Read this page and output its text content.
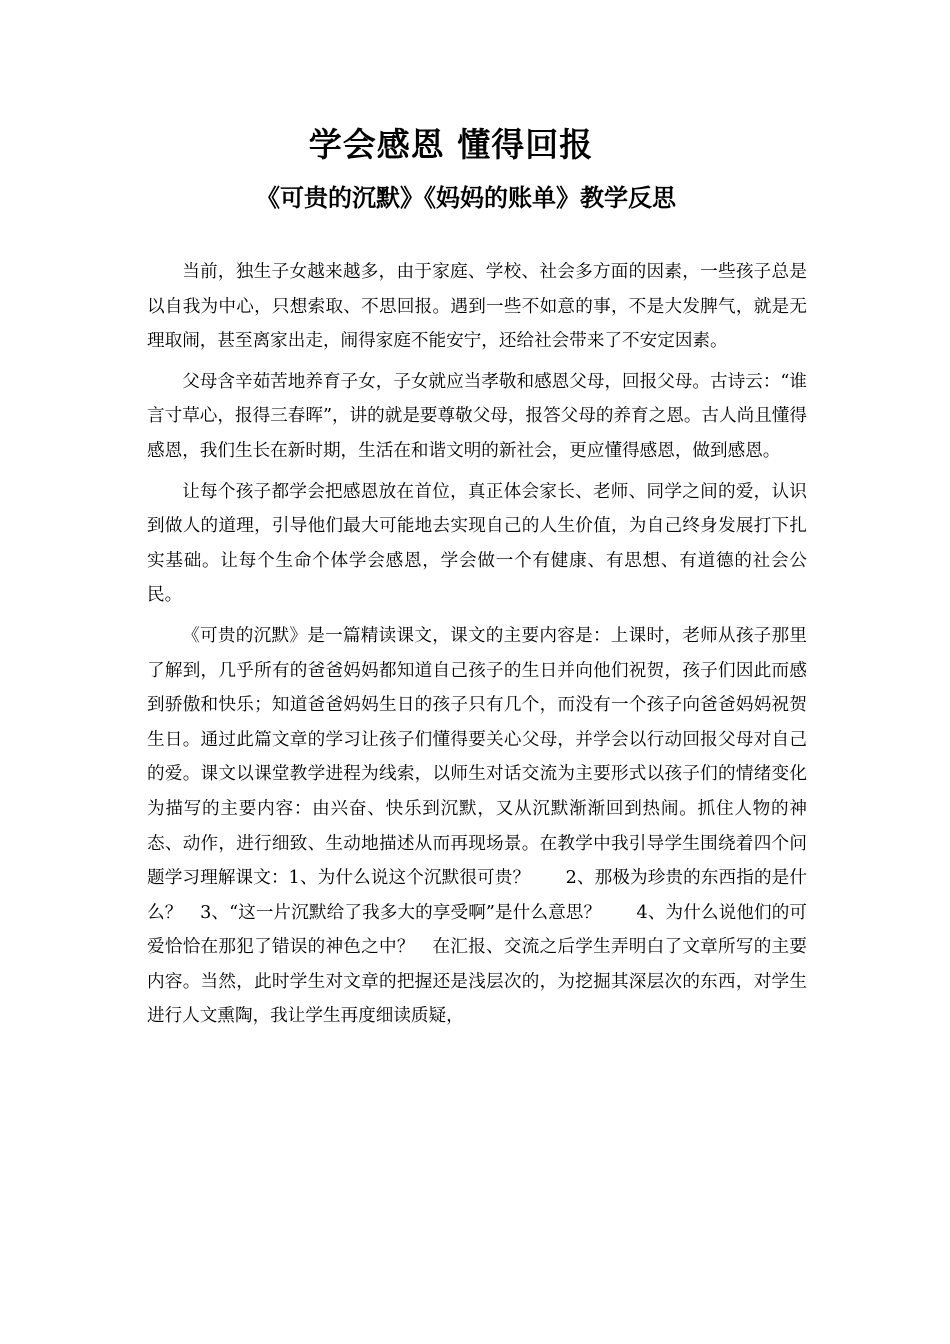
学会感恩 懂得回报
《可贵的沉默》《妈妈的账单》教学反思

当前，独生子女越来越多，由于家庭、学校、社会多方面的因素，一些孩子总是以自我为中心，只想索取、不思回报。遇到一些不如意的事，不是大发脾气，就是无理取闹，甚至离家出走，闹得家庭不能安宁，还给社会带来了不安定因素。

父母含辛茹苦地养育子女，子女就应当孝敬和感恩父母，回报父母。古诗云：“谁言寸草心，报得三春晖”，讲的就是要尊敬父母，报答父母的养育之恩。古人尚且懂得感恩，我们生长在新时期，生活在和谐文明的新社会，更应懂得感恩，做到感恩。

让每个孩子都学会把感恩放在首位，真正体会家长、老师、同学之间的爱，认识到做人的道理，引导他们最大可能地去实现自己的人生价值，为自己终身发展打下扎实基础。让每个生命个体学会感恩，学会做一个有健康、有思想、有道德的社会公民。

《可贵的沉默》是一篇精读课文，课文的主要内容是：上课时，老师从孩子那里了解到，几乎所有的爸爸妈妈都知道自己孩子的生日并向他们祝贺，孩子们因此而感到骄傲和快乐；知道爸爸妈妈生日的孩子只有几个，而没有一个孩子向爸爸妈妈祝贺生日。通过此篇文章的学习让孩子们懂得要关心父母，并学会以行动回报父母对自己的爱。课文以课堂教学进程为线索，以师生对话交流为主要形式以孩子们的情绪变化为描写的主要内容：由兴奋、快乐到沉默，又从沉默渐渐回到热闹。抓住人物的神态、动作，进行细致、生动地描述从而再现场景。在教学中我引导学生围绕着四个问题学习理解课文：1、为什么说这个沉默很可贵？　　2、那极为珍贵的东西指的是什么？　3、“这一片沉默给了我多大的享受啊”是什么意思？　　4、为什么说他们的可爱恰恰在那犯了错误的神色之中？　在汇报、交流之后学生弄明白了文章所写的主要内容。当然，此时学生对文章的把握还是浅层次的，为挖掘其深层次的东西，对学生进行人文熏陶，我让学生再度细读质疑，
